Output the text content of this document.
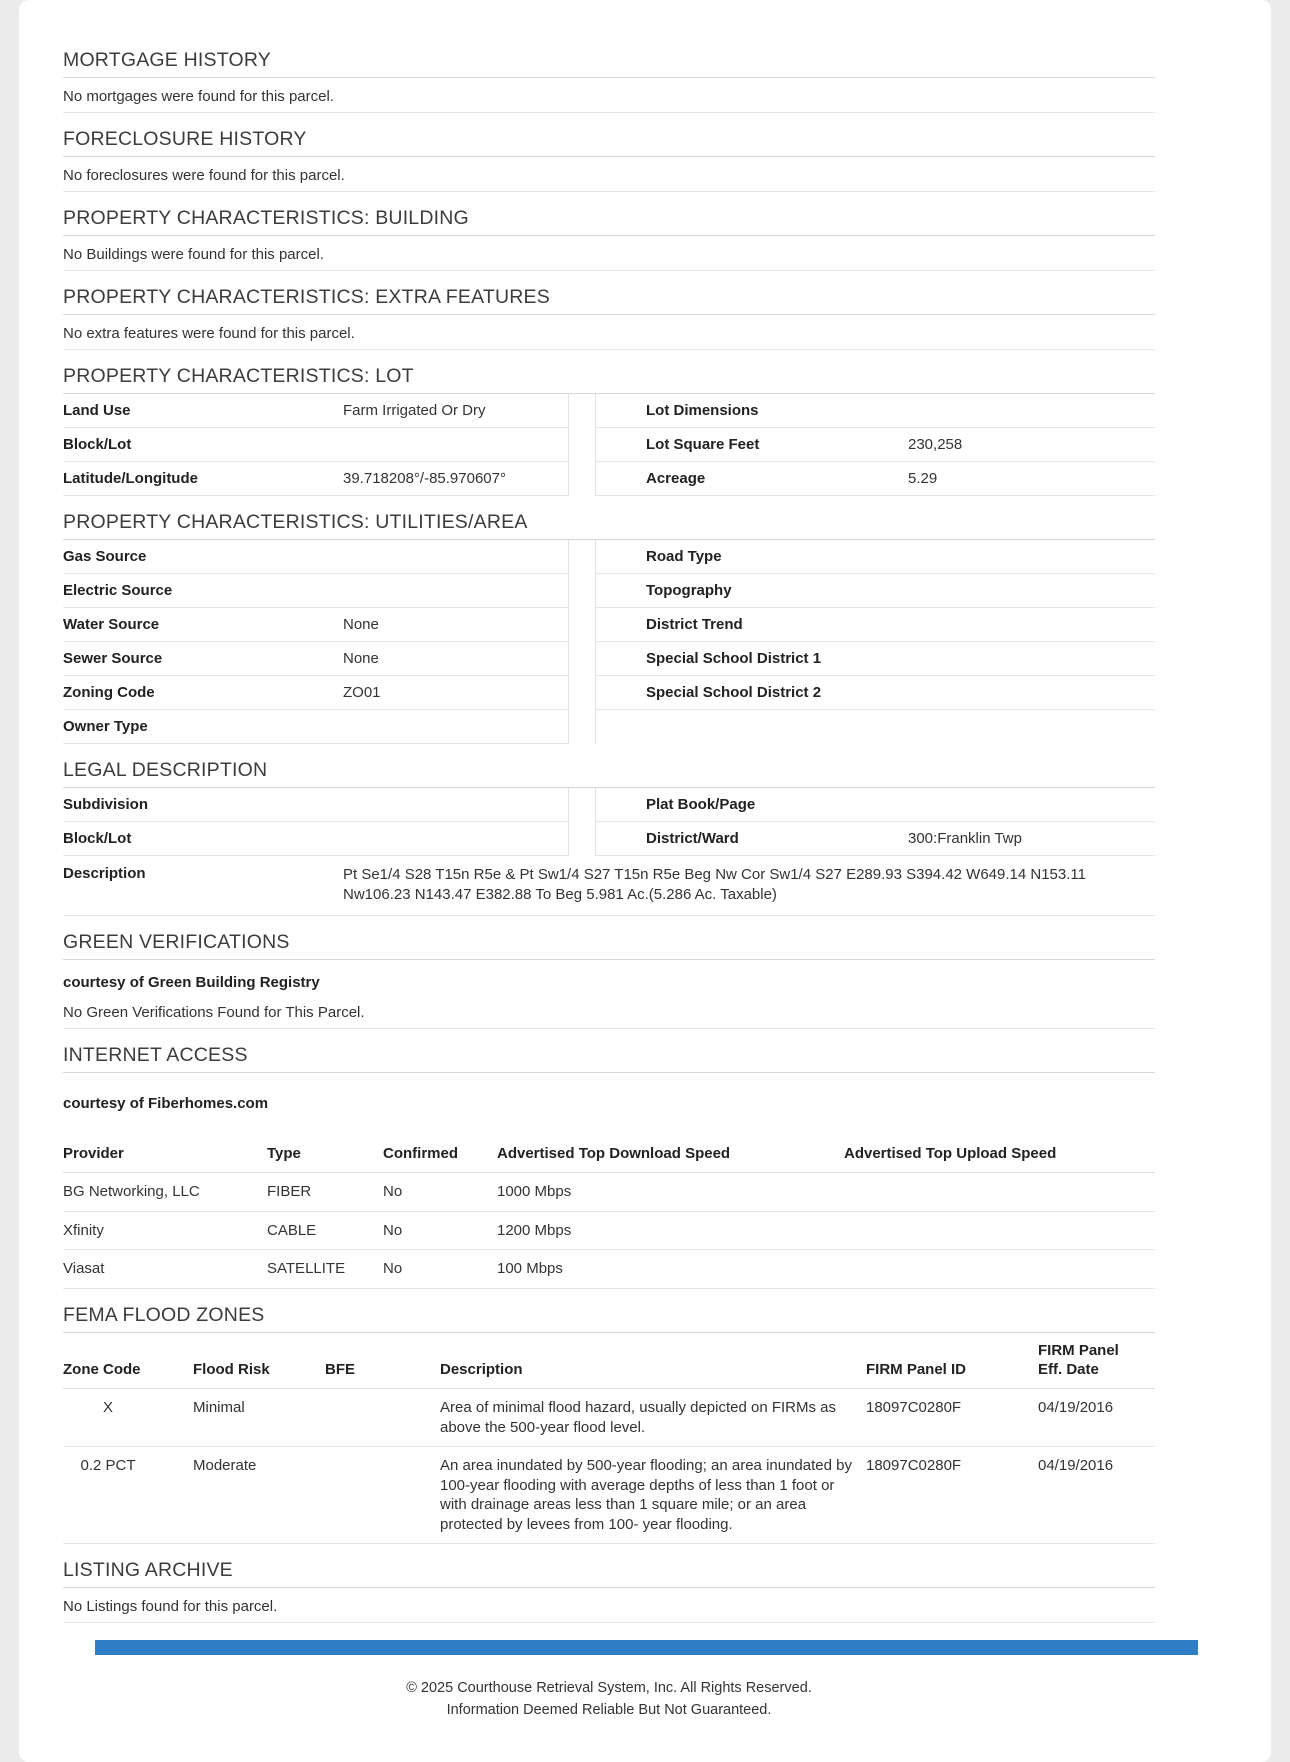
MORTGAGE HISTORY
No mortgages were found for this parcel.
FORECLOSURE HISTORY
No foreclosures were found for this parcel.
PROPERTY CHARACTERISTICS: BUILDING
No Buildings were found for this parcel.
PROPERTY CHARACTERISTICS: EXTRA FEATURES
No extra features were found for this parcel.
PROPERTY CHARACTERISTICS: LOT
Land Use	Farm Irrigated Or Dry
Block/Lot
Latitude/Longitude	39.718208°/-85.970607°
Lot Dimensions
Lot Square Feet	230,258
Acreage	5.29
PROPERTY CHARACTERISTICS: UTILITIES/AREA
Gas Source
Electric Source
Water Source	None
Sewer Source	None
Zoning Code	ZO01
Owner Type
Road Type
Topography
District Trend
Special School District 1
Special School District 2
LEGAL DESCRIPTION
Subdivision
Block/Lot
Plat Book/Page
District/Ward	300:Franklin Twp
Description	Pt Se1/4 S28 T15n R5e & Pt Sw1/4 S27 T15n R5e Beg Nw Cor Sw1/4 S27 E289.93 S394.42 W649.14 N153.11 Nw106.23 N143.47 E382.88 To Beg 5.981 Ac.(5.286 Ac. Taxable)
GREEN VERIFICATIONS
courtesy of Green Building Registry
No Green Verifications Found for This Parcel.
INTERNET ACCESS
courtesy of Fiberhomes.com
Provider	Type	Confirmed	Advertised Top Download Speed	Advertised Top Upload Speed
BG Networking, LLC	FIBER	No	1000 Mbps	
Xfinity	CABLE	No	1200 Mbps	
Viasat	SATELLITE	No	100 Mbps	
FEMA FLOOD ZONES
Zone Code	Flood Risk	BFE	Description	FIRM Panel ID	FIRM Panel Eff. Date
X	Minimal		Area of minimal flood hazard, usually depicted on FIRMs as above the 500-year flood level.	18097C0280F	04/19/2016
0.2 PCT	Moderate		An area inundated by 500-year flooding; an area inundated by 100-year flooding with average depths of less than 1 foot or with drainage areas less than 1 square mile; or an area protected by levees from 100- year flooding.	18097C0280F	04/19/2016
LISTING ARCHIVE
No Listings found for this parcel.
© 2025 Courthouse Retrieval System, Inc. All Rights Reserved.
Information Deemed Reliable But Not Guaranteed.
